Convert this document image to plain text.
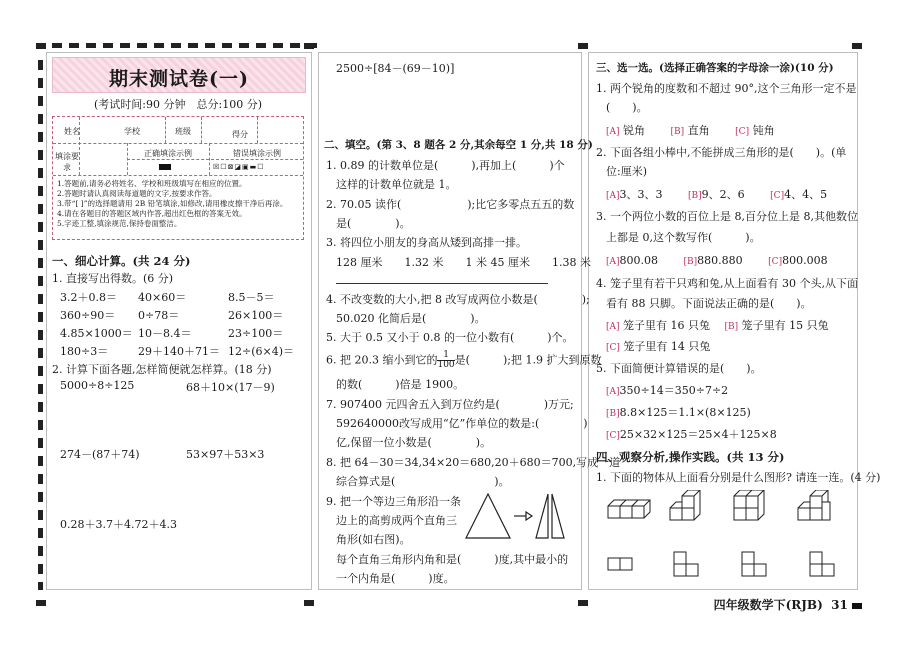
期末测试卷(一)
(考试时间:90 分钟　总分:100 分)
姓名	学校	班级	得分
填涂要求
正确填涂示例	错误填涂示例
☒☐⊠◪▣▬☐
1.答题前,请务必将姓名、学校和班级填写在相应的位置。
2.答题时请认真阅读每道题的文字,按要求作答。
3.带“[ ]”的选择题请用 2B 铅笔填涂,如修改,请用橡皮擦干净后再涂。
4.请在各题目的答题区域内作答,超出红色框的答案无效。
5.字迹工整,填涂规范,保持卷面整洁。
一、细心计算。(共 24 分)
1. 直接写出得数。(6 分)
3.2＋0.8＝ 40×60＝	8.5－5＝
360÷90＝ 0÷78＝	26×100＝
4.85×1000＝ 10－8.4＝	23÷100＝
180÷3＝	29＋140＋71＝ 12÷(6×4)＝
2. 计算下面各题,怎样简便就怎样算。(18 分)
5000÷8÷125	68＋10×(17－9)
274－(87＋74)	53×97＋53×3
0.28＋3.7＋4.72＋4.3
2500÷[84－(69－10)]
二、填空。(第 3、8 题各 2 分,其余每空 1 分,共 18 分)
1. 0.89 的计数单位是(　　　),再加上(　　　)个
这样的计数单位就是 1。
2. 70.05 读作(　　　　　　);比它多零点五五的数
是(　　　　)。
3. 将四位小朋友的身高从矮到高排一排。
128 厘米　　1.32 米　　1 米 45 厘米　　1.38 米
4. 不改变数的大小,把 8 改写成两位小数是(　　　　);
50.020 化简后是(　　　　)。
5. 大于 0.5 又小于 0.8 的一位小数有(　　　)个。
6. 把 20.3 缩小到它的 $\frac{1}{100}$ 是(　　　);把 1.9 扩大到原数
的数(　　　)倍是 1900。
7. 907400 元四舍五入到万位约是(　　　　)万元;
592640000改写成用“亿”作单位的数是:(　　　　)
亿,保留一位小数是(　　　　)。
8. 把 64－30＝34,34×20＝680,20＋680＝700,写成一道
综合算式是(　　　　　　　　　)。
9. 把一个等边三角形沿一条
边上的高剪成两个直角三
角形(如右图)。
每个直角三角形内角和是(　　　)度,其中最小的
一个内角是(　　　)度。
三、选一选。(选择正确答案的字母涂一涂)(10 分)
1. 两个锐角的度数和不超过 90°,这个三角形一定不是
(　　)。
[A] 锐角 　　	[B] 直角 　　	[C] 钝角
2. 下面各组小棒中,不能拼成三角形的是(　　)。(单
位:厘米)
[A]3、3、3 　　	[B]9、2、6 　　	[C]4、4、5
3. 一个两位小数的百位上是 8,百分位上是 8,其他数位
上都是 0,这个数写作(　　　)。
[A]800.08 　　	[B]880.880 　　	[C]800.008
4. 笼子里有若干只鸡和兔,从上面看有 30 个头,从下面
看有 88 只脚。下面说法正确的是(　　)。
[A] 笼子里有 16 只兔 　 [B] 笼子里有 15 只兔
[C] 笼子里有 14 只兔
5. 下面简便计算错误的是(　　)。
[A]350÷14＝350÷7÷2
[B]8.8×125＝1.1×(8×125)
[C]25×32×125＝25×4＋125×8
四、观察分析,操作实践。(共 13 分)
1. 下面的物体从上面看分别是什么图形? 请连一连。(4 分)
四年级数学下(RJB) 31
